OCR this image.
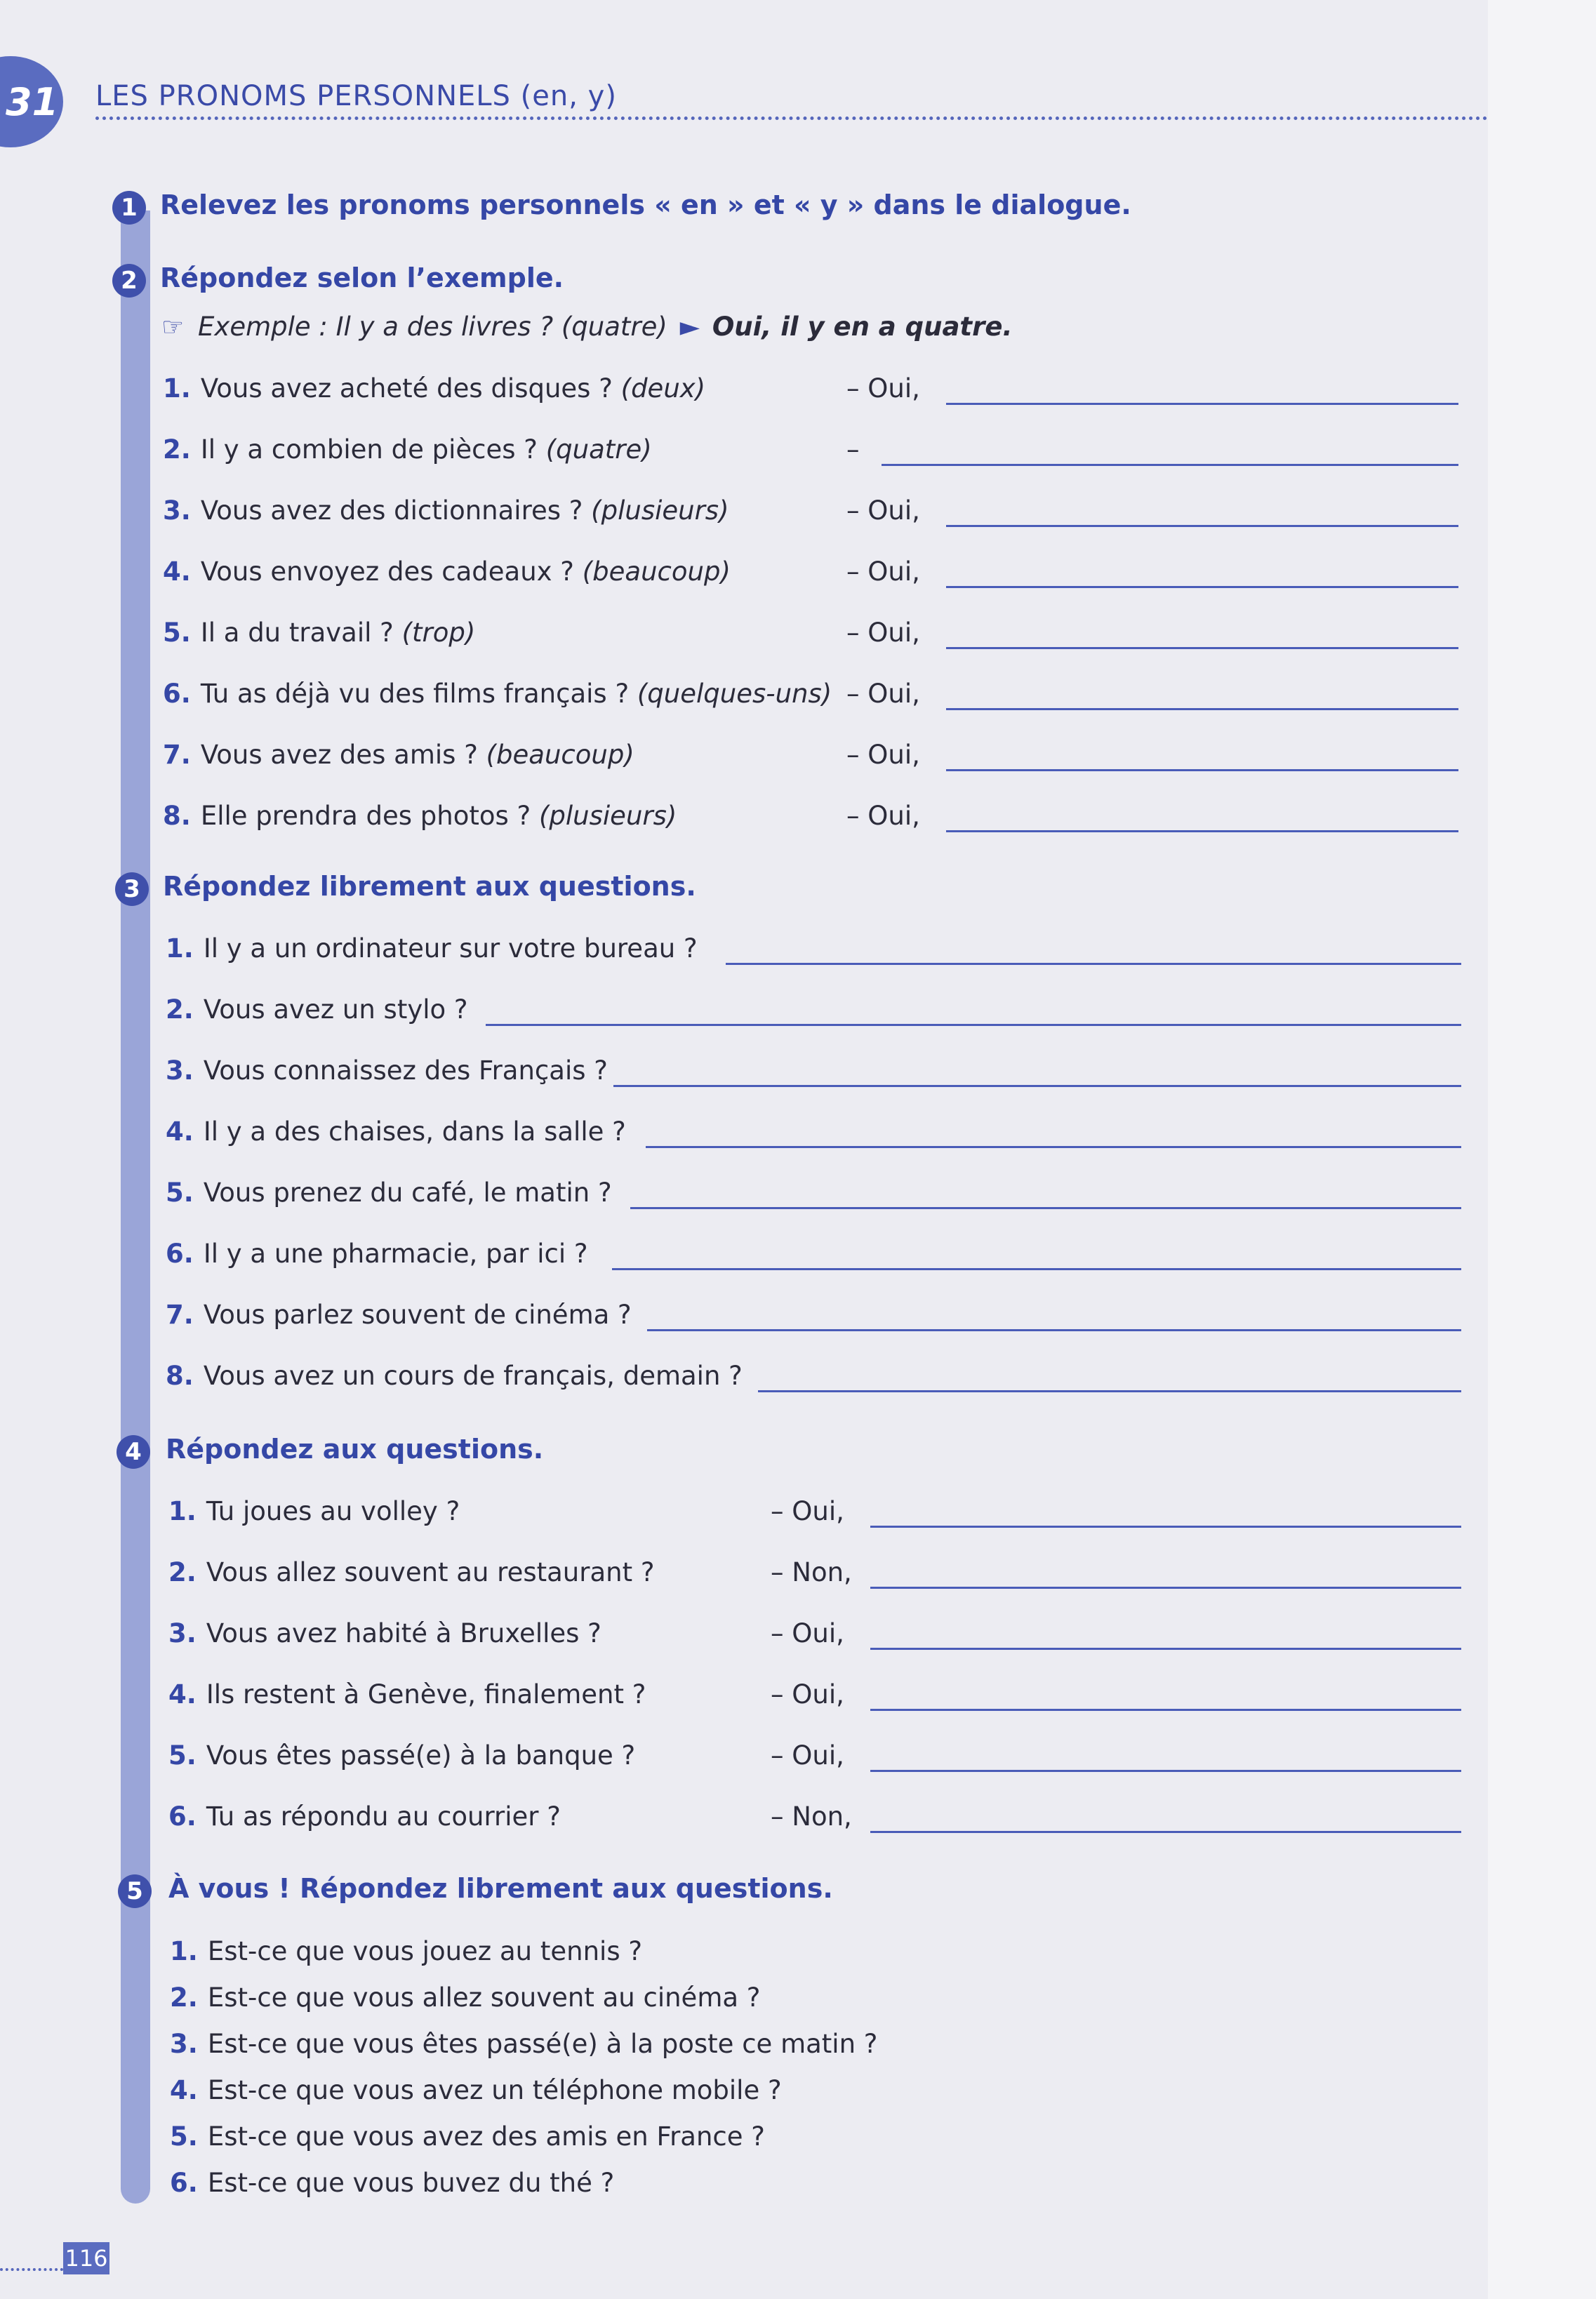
31 LES PRONOMS PERSONNELS (en, y)
1 Relevez les pronoms personnels « en » et « y » dans le dialogue.
2 Répondez selon l’exemple.
☞ Exemple : Il y a des livres ? (quatre) ► Oui, il y en a quatre.
1. Vous avez acheté des disques ? (deux)	– Oui,
2. Il y a combien de pièces ? (quatre)	–
3. Vous avez des dictionnaires ? (plusieurs)	– Oui,
4. Vous envoyez des cadeaux ? (beaucoup)	– Oui,
5. Il a du travail ? (trop)	– Oui,
6. Tu as déjà vu des films français ? (quelques-uns) – Oui,
7. Vous avez des amis ? (beaucoup)	– Oui,
8. Elle prendra des photos ? (plusieurs)	– Oui,
3 Répondez librement aux questions.
1. Il y a un ordinateur sur votre bureau ?
2. Vous avez un stylo ?
3. Vous connaissez des Français ?
4. Il y a des chaises, dans la salle ?
5. Vous prenez du café, le matin ?
6. Il y a une pharmacie, par ici ?
7. Vous parlez souvent de cinéma ?
8. Vous avez un cours de français, demain ?
4 Répondez aux questions.
1. Tu joues au volley ?	– Oui,
2. Vous allez souvent au restaurant ?	– Non,
3. Vous avez habité à Bruxelles ?	– Oui,
4. Ils restent à Genève, finalement ?	– Oui,
5. Vous êtes passé(e) à la banque ?	– Oui,
6. Tu as répondu au courrier ?	– Non,
5 À vous ! Répondez librement aux questions.
1. Est-ce que vous jouez au tennis ?
2. Est-ce que vous allez souvent au cinéma ?
3. Est-ce que vous êtes passé(e) à la poste ce matin ?
4. Est-ce que vous avez un téléphone mobile ?
5. Est-ce que vous avez des amis en France ?
6. Est-ce que vous buvez du thé ?
116
